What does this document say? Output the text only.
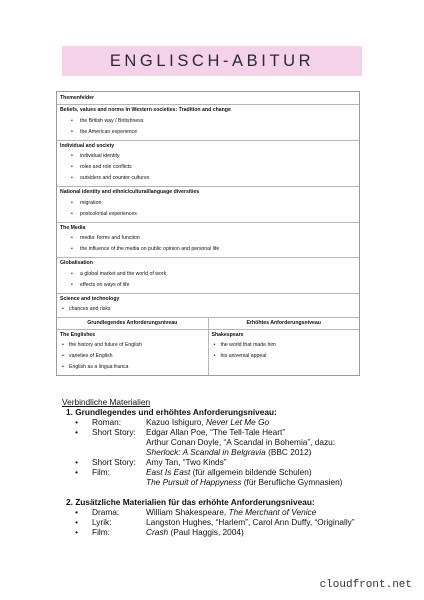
ENGLISCH-ABITUR
Themenfelder
Beliefs, values and norms in Western societies: Tradition and change
• the British way / Britishness
• the American experience
Individual and society
• individual identity
• roles and role conflicts
• outsiders and counter cultures
National identity and ethnic/cultural/language diversities
• migration
• postcolonial experiences
The Media
• media: forms and function
• the influence of the media on public opinion and personal life
Globalisation
• a global market and the world of work
• effects on ways of life
Science and technology
• chances and risks
Grundlegendes Anforderungsniveau	Erhöhtes Anforderungsniveau
The Englishes
• the history and future of English
• varieties of English
• English as a lingua franca
Shakespeare
• the world that made him
• his universal appeal
Verbindliche Materialien
1. Grundlegendes und erhöhtes Anforderungsniveau:
•	Roman:	Kazuo Ishiguro, Never Let Me Go
•	Short Story:	Edgar Allan Poe, “The Tell-Tale Heart”
Arthur Conan Doyle, “A Scandal in Bohemia”, dazu:
Sherlock: A Scandal in Belgravia (BBC 2012)
•	Short Story:	Amy Tan, “Two Kinds”
•	Film:	East Is East (für allgemein bildende Schulen)
The Pursuit of Happyness (für Berufliche Gymnasien)
2. Zusätzliche Materialien für das erhöhte Anforderungsniveau:
•	Drama:	William Shakespeare, The Merchant of Venice
•	Lyrik:	Langston Hughes, “Harlem”, Carol Ann Duffy, “Originally”
•	Film:	Crash (Paul Haggis, 2004)
cloudfront.net
